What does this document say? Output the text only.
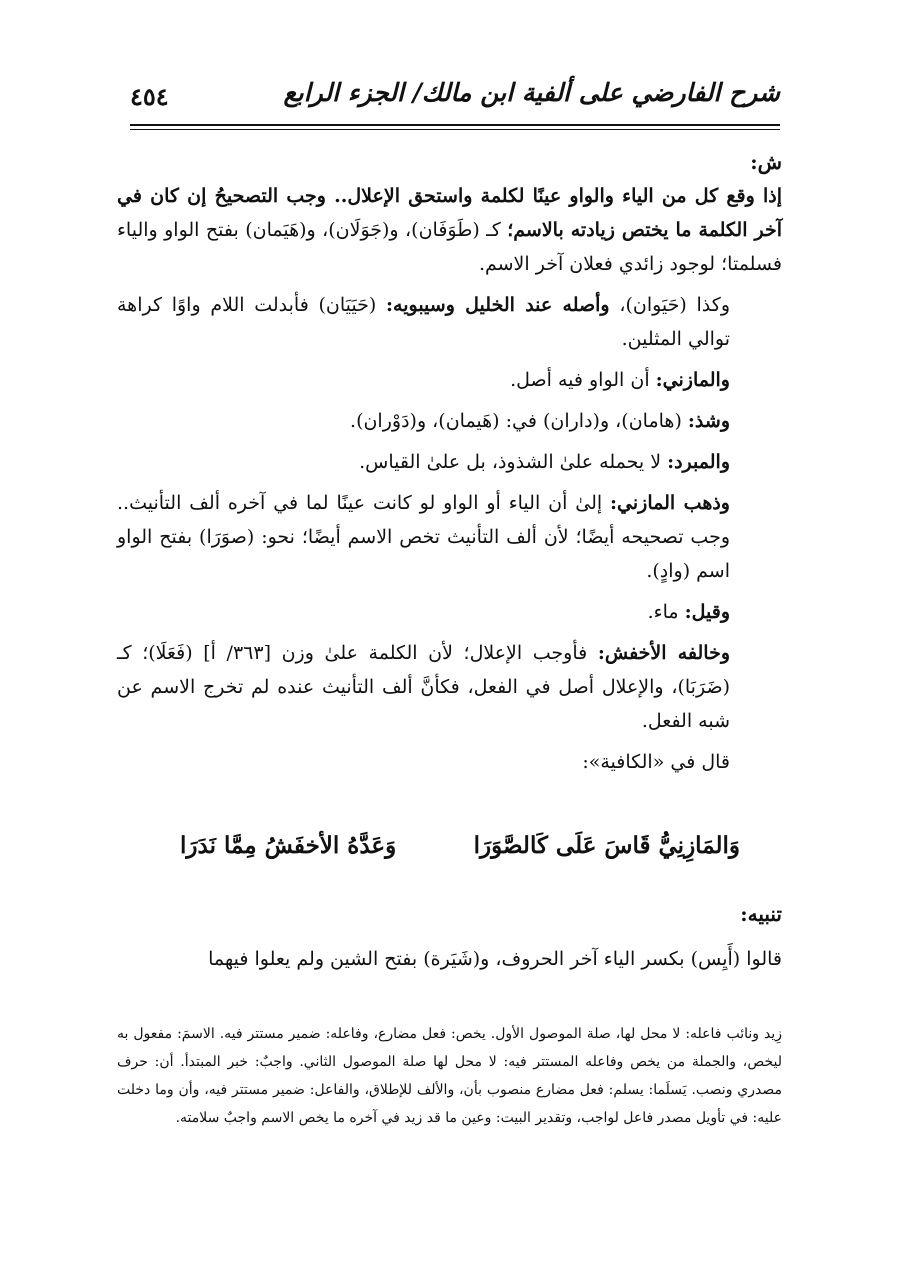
شرح الفارضي على ألفية ابن مالك/ الجزء الرابع
٤٥٤

ش:

إذا وقع كل من الياء والواو عينًا لكلمة واستحق الإعلال.. وجب التصحيحُ إن كان في آخر الكلمة ما يختص زيادته بالاسم؛ كـ (طَوَفَان)، و(جَوَلَان)، و(هَيَمان) بفتح الواو والياء فسلمتا؛ لوجود زائدي فعلان آخر الاسم.

وكذا (حَيَوان)، وأصله عند الخليل وسيبويه: (حَيَيَان) فأبدلت اللام واوًا كراهة توالي المثلين.

والمازني: أن الواو فيه أصل.

وشذ: (هامان)، و(داران) في: (هَيمان)، و(دَوْران).

والمبرد: لا يحمله علىٰ الشذوذ، بل علىٰ القياس.

وذهب المازني: إلىٰ أن الياء أو الواو لو كانت عينًا لما في آخره ألف التأنيث.. وجب تصحيحه أيضًا؛ لأن ألف التأنيث تخص الاسم أيضًا؛ نحو: (صوَرَا) بفتح الواو اسم (وادٍ).

وقيل: ماء.

وخالفه الأخفش: فأوجب الإعلال؛ لأن الكلمة علىٰ وزن [٣٦٣/ أ] (فَعَلَا)؛ كـ (ضَرَبَا)، والإعلال أصل في الفعل، فكأنَّ ألف التأنيث عنده لم تخرج الاسم عن شبه الفعل.

قال في «الكافية»:

وَالمَازِنِيُّ قَاسَ عَلَى كَالصَّوَرَا
وَعَدَّهُ الأخفَشُ مِمَّا نَدَرَا

تنبيه:

قالوا (أَيِس) بكسر الياء آخر الحروف، و(شَيَرة) بفتح الشين ولم يعلوا فيهما

زِيد ونائب فاعله: لا محل لها، صلة الموصول الأول. يخص: فعل مضارع، وفاعله: ضمير مستتر فيه. الاسمَ: مفعول به ليخص، والجملة من يخص وفاعله المستتر فيه: لا محل لها صلة الموصول الثاني. واجبٌ: خبر المبتدأ. أن: حرف مصدري ونصب. يَسلَما: يسلم: فعل مضارع منصوب بأن، والألف للإطلاق، والفاعل: ضمير مستتر فيه، وأن وما دخلت عليه: في تأويل مصدر فاعل لواجب، وتقدير البيت: وعين ما قد زيد في آخره ما يخص الاسم واجبٌ سلامته.
